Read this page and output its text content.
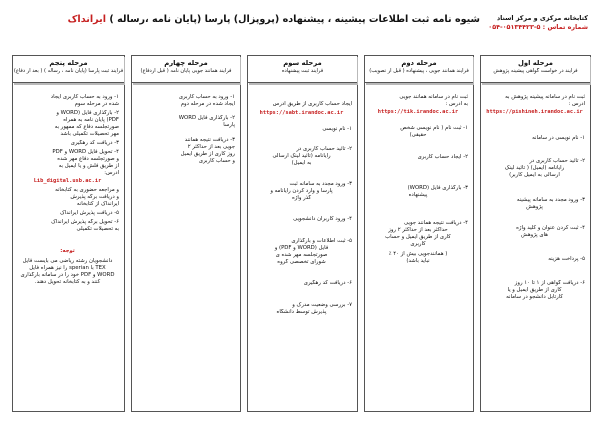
شیوه نامه ثبت اطلاعات پیشینه ، پیشنهاده (پروپزال) پارسا (پایان نامه ،رساله ) ایرانداک	کتابخانه مرکزی و مرکز اسناد
شماره تماس : ۵-۰۵۱۳۴۴۲۳-۰۵۴
مرحله اول
فرایند در خواست گواهی پیشینه پژوهش
ثبت نام در سامانه پیشینه پژوهش به
آدرس :
https://pishineh.irandoc.ac.ir
۱- نام نویسی در سامانه
۲- تائید حساب کاربری در
رایانامه (ایمیل) ( تائید لینک
ارسالی به ایمیل کاربر)
۳- ورود مجدد به سامانه پیشینه
پژوهش
۴- ثبت کردن عنوان و کلید واژه
های پژوهش
۵- پرداخت هزینه
۶- دریافت گواهی از ۱ تا ۱۰ روز
کاری از طریق ایمیل و یا
کارتابل دانشجو در سامانه
مرحله دوم
فرآیند همانند جویی ، پیشنهاده ( قبل از تصویب)
ثبت نام در سامانه همانند جویی
به آدرس :
https://tik.irandoc.ac.ir
۱- ثبت نام ( نام نویسی شخص
حقیقی)
۲- ایجاد حساب کاربری
۳- بارگذاری فایل (WORD)
پیشنهاده
۴- دریافت نتیجه همانند جویی
حداکثر بعد از حداکثر ۲ روز
کاری از طریق ایمیل و حساب
کاربری
( همانندجویی بیش از ۴۰ ٪
نباید باشد)
مرحله سوم
فرآیند ثبت پیشنهاده
ایجاد حساب کاربری از طریق آدرس
https://sabt.irandoc.ac.ir
۱- نام نویسی
۲- تائید حساب کاربری در
رایانامه (تائید لینک ارسالی
به ایمیل)
۳- ورود مجدد به سامانه ثبت
پارسا و وارد کردن رایانامه و
گذر واژه
۴- ورود کاربران دانشجویی
۵- ثبت اطلاعات و بارگذاری
فایل (WORD و PDF) و
صورتجلسه مهر شده ی
شورای تخصصی گروه
۶- دریافت کد رهگیری
۷- بررسی وضعیت مدرک و
پذیرش توسط دانشگاه
مرحله چهارم
فرآیند همانند جویی پایان نامه ( قبل ازدفاع)
۱- ورود به حساب کاربری
ایجاد شده در مرحله دوم
۲- بارگذاری فایل WORD
پارسا
۳- دریافت نتیجه همانند
جویی بعد از حداکثر ۲
روز کاری از طریق ایمیل
و حساب کاربری
مرحله پنجم
فرآیند ثبت پارسا (پایان نامه ، رساله ) ( بعد از دفاع)
۱- ورود به حساب کاربری ایجاد
شده در مرحله سوم
۲- بارگذاری فایل (WORD و
PDF) پایان نامه به همراه
صورتجلسه دفاع که ممهور به
مهر تحصیلات تکمیلی باشد
۳- دریافت کد رهگیری
۴- تحویل فایل WORD و PDF
و صورتجلسه دفاع مهر شده
از طریق فلش و یا ایمیل به
آدرس:
Lib_digital.usb.ac.ir
و مراجعه حضوری به کتابخانه
و دریافت برگه پذیرش
ایرانداک از کتابخانه
۵- دریافت پذیرش ایرانداک
۶- تحویل برگه پذیرش ایرانداک
به تحصیلات تکمیلی
توجه:
دانشجویان رشته ریاضی می بایست فایل
TEX با sperian را نیز همراه فایل
WORD و PDF خود را در سامانه بارگذاری
کنند و به کتابخانه تحویل دهند.
